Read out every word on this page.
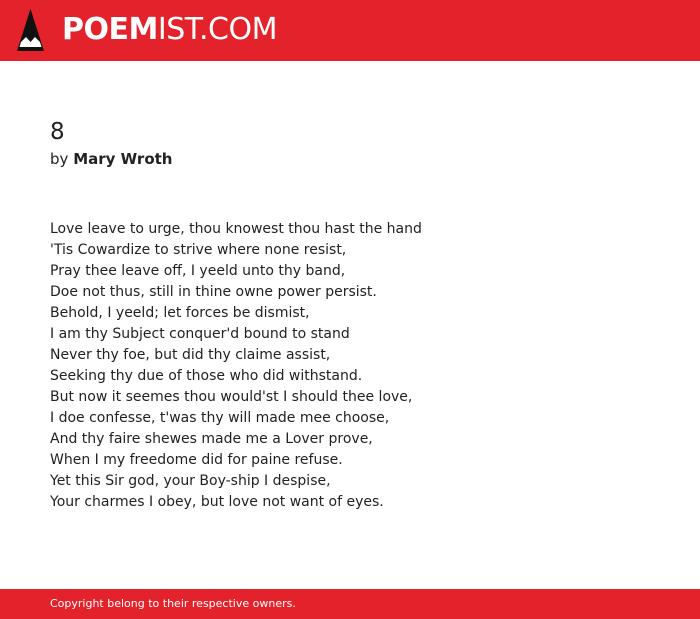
POEMIST.COM
8
by Mary Wroth
Love leave to urge, thou knowest thou hast the hand
'Tis Cowardize to strive where none resist,
Pray thee leave off, I yeeld unto thy band,
Doe not thus, still in thine owne power persist.
Behold, I yeeld; let forces be dismist,
I am thy Subject conquer'd bound to stand
Never thy foe, but did thy claime assist,
Seeking thy due of those who did withstand.
But now it seemes thou would'st I should thee love,
I doe confesse, t'was thy will made mee choose,
And thy faire shewes made me a Lover prove,
When I my freedome did for paine refuse.
Yet this Sir god, your Boy-ship I despise,
Your charmes I obey, but love not want of eyes.
Copyright belong to their respective owners.
